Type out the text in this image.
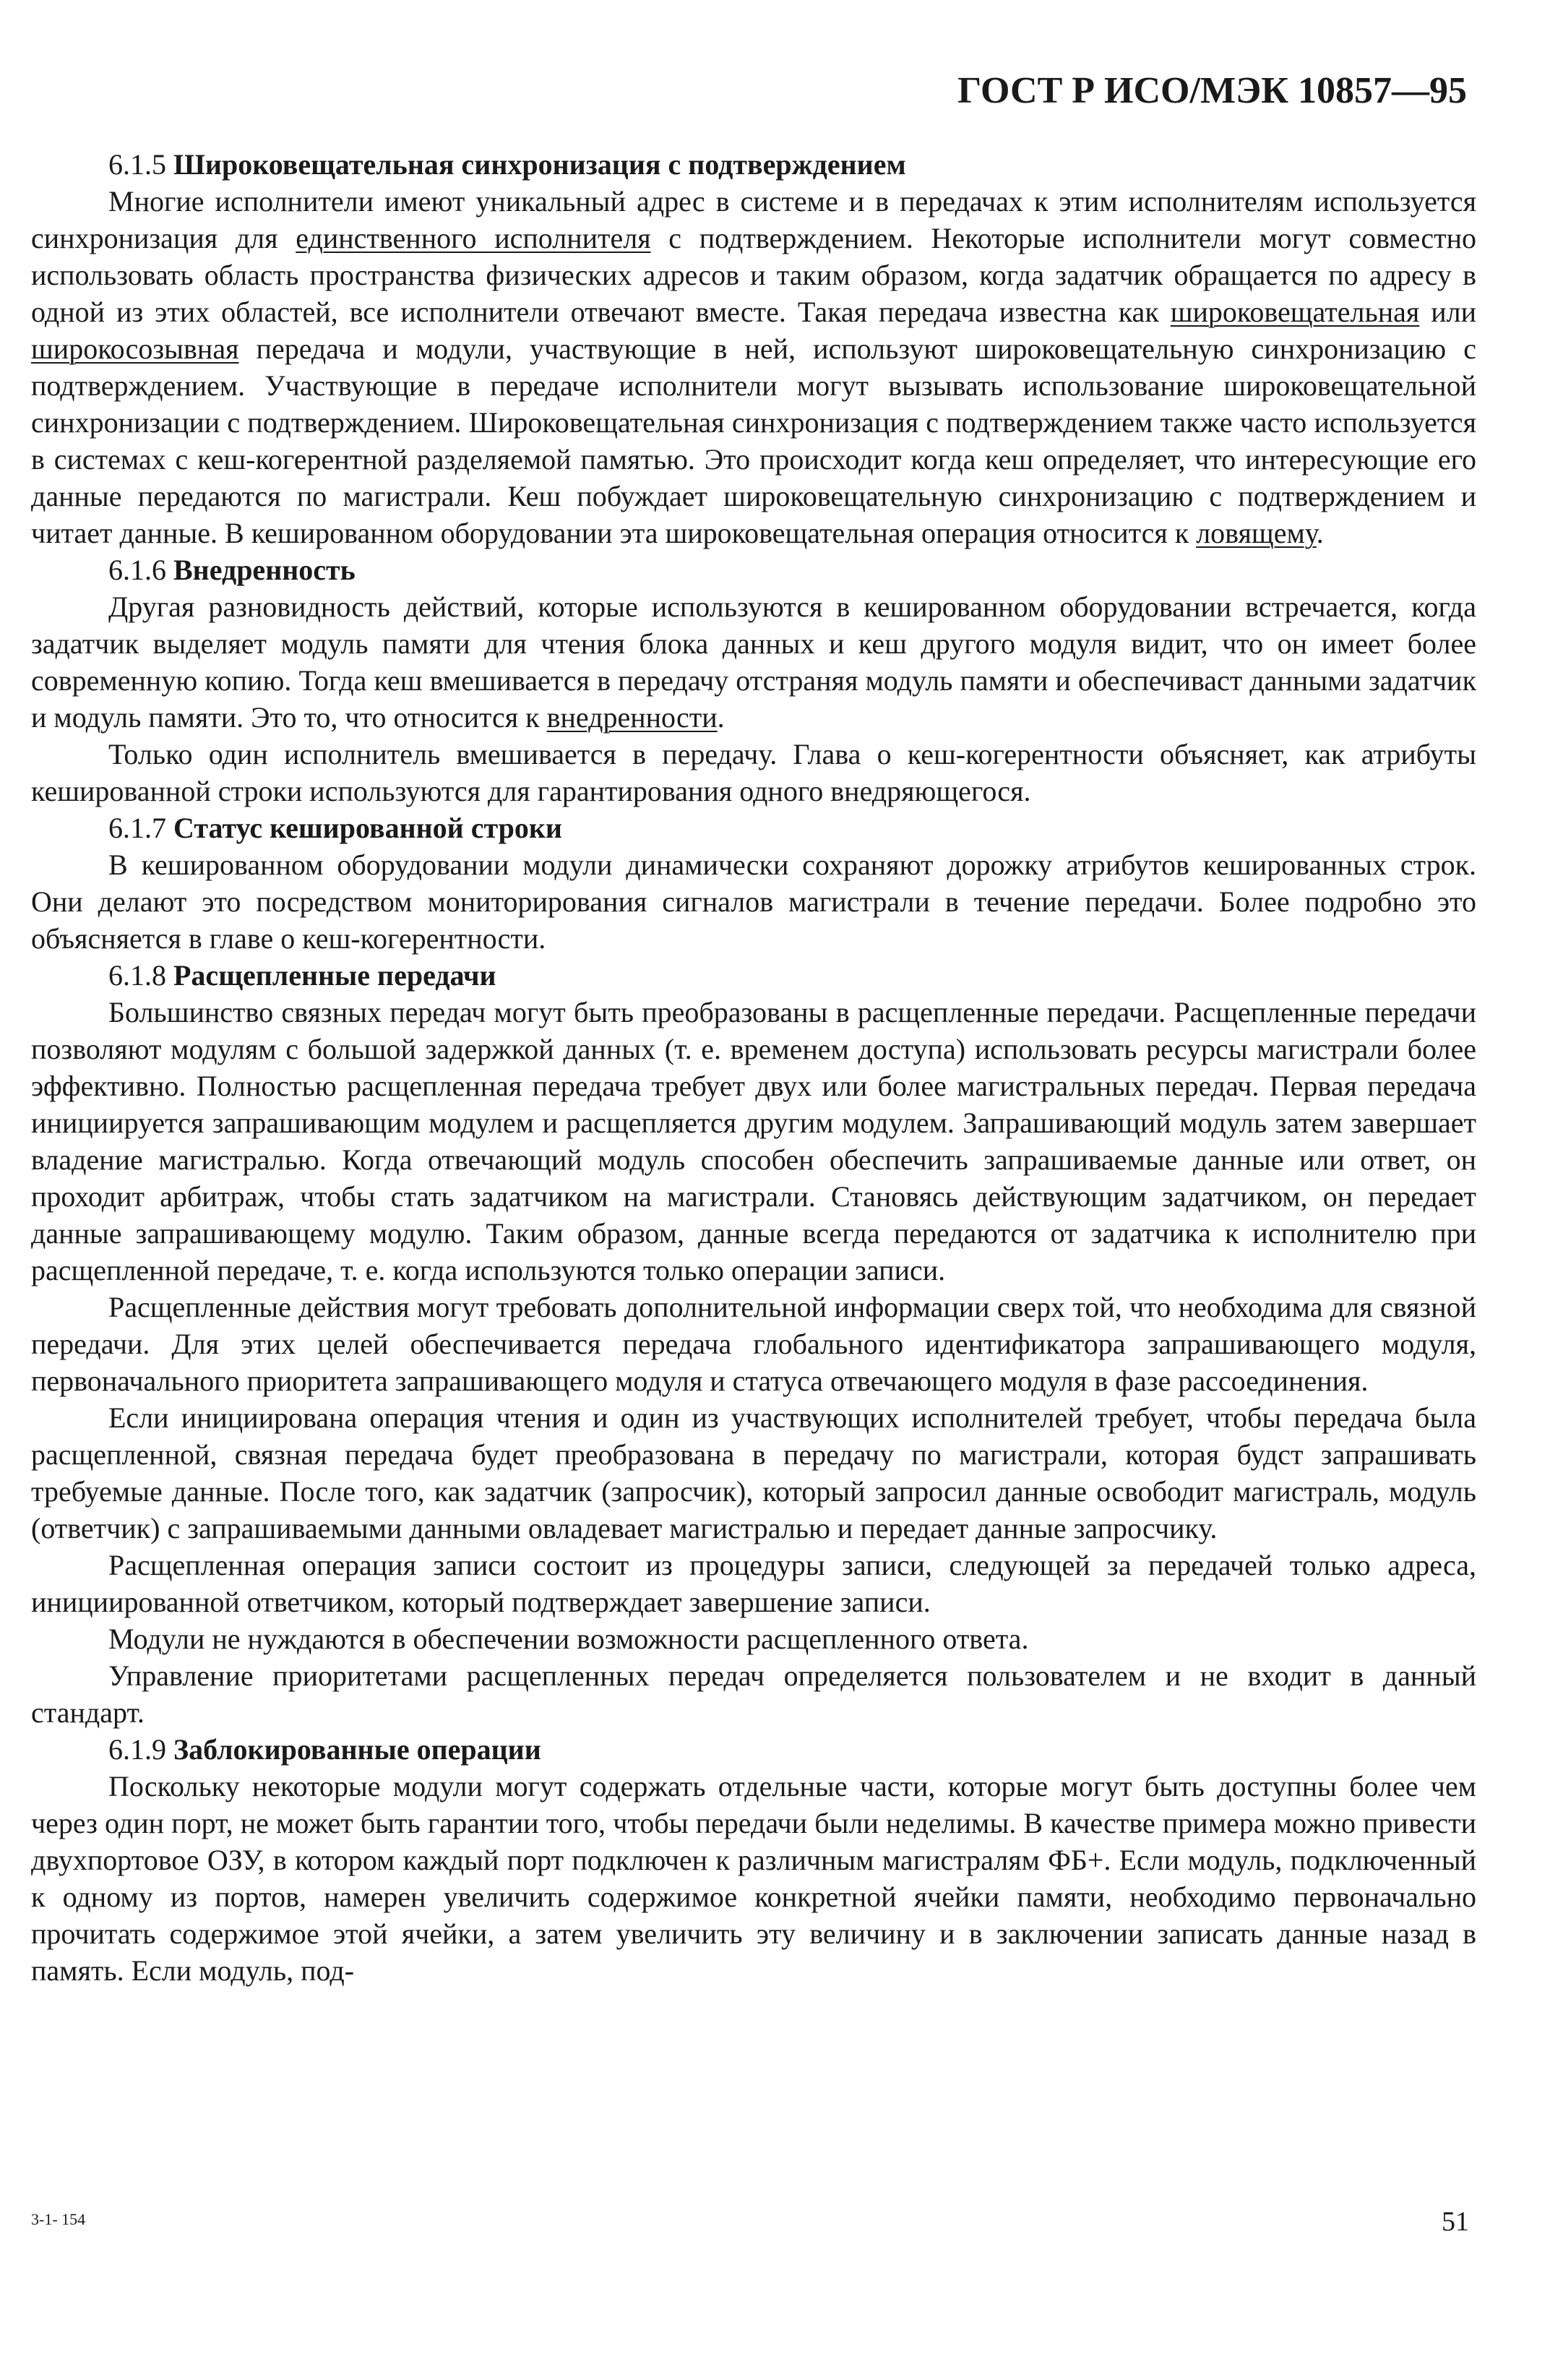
ГОСТ Р ИСО/МЭК 10857—95

6.1.5 Широковещательная синхронизация с подтверждением

Многие исполнители имеют уникальный адрес в системе и в передачах к этим исполнителям используется синхронизация для единственного исполнителя с подтверждением. Некоторые исполнители могут совместно использовать область пространства физических адресов и таким образом, когда задатчик обращается по адресу в одной из этих областей, все исполнители отвечают вместе. Такая передача известна как широковещательная или широкосозывная передача и модули, участвующие в ней, используют широковещательную синхронизацию с подтверждением. Участвующие в передаче исполнители могут вызывать использование широковещательной синхронизации с подтверждением. Широковещательная синхронизация с подтверждением также часто используется в системах с кеш-когерентной разделяемой памятью. Это происходит когда кеш определяет, что интересующие его данные передаются по магистрали. Кеш побуждает широковещательную синхронизацию с подтверждением и читает данные. В кешированном оборудовании эта широковещательная операция относится к ловящему.

6.1.6 Внедренность

Другая разновидность действий, которые используются в кешированном оборудовании встречается, когда задатчик выделяет модуль памяти для чтения блока данных и кеш другого модуля видит, что он имеет более современную копию. Тогда кеш вмешивается в передачу отстраняя модуль памяти и обеспечиваст данными задатчик и модуль памяти. Это то, что относится к внедренности.

Только один исполнитель вмешивается в передачу. Глава о кеш-когерентности объясняет, как атрибуты кешированной строки используются для гарантирования одного внедряющегося.

6.1.7 Статус кешированной строки

В кешированном оборудовании модули динамически сохраняют дорожку атрибутов кешированных строк. Они делают это посредством мониторирования сигналов магистрали в течение передачи. Более подробно это объясняется в главе о кеш-когерентности.

6.1.8 Расщепленные передачи

Большинство связных передач могут быть преобразованы в расщепленные передачи. Расщепленные передачи позволяют модулям с большой задержкой данных (т. е. временем доступа) использовать ресурсы магистрали более эффективно. Полностью расщепленная передача требует двух или более магистральных передач. Первая передача инициируется запрашивающим модулем и расщепляется другим модулем. Запрашивающий модуль затем завершает владение магистралью. Когда отвечающий модуль способен обеспечить запрашиваемые данные или ответ, он проходит арбитраж, чтобы стать задатчиком на магистрали. Становясь действующим задатчиком, он передает данные запрашивающему модулю. Таким образом, данные всегда передаются от задатчика к исполнителю при расщепленной передаче, т. е. когда используются только операции записи.

Расщепленные действия могут требовать дополнительной информации сверх той, что необходима для связной передачи. Для этих целей обеспечивается передача глобального идентификатора запрашивающего модуля, первоначального приоритета запрашивающего модуля и статуса отвечающего модуля в фазе рассоединения.

Если инициирована операция чтения и один из участвующих исполнителей требует, чтобы передача была расщепленной, связная передача будет преобразована в передачу по магистрали, которая будст запрашивать требуемые данные. После того, как задатчик (запросчик), который запросил данные освободит магистраль, модуль (ответчик) с запрашиваемыми данными овладевает магистралью и передает данные запросчику.

Расщепленная операция записи состоит из процедуры записи, следующей за передачей только адреса, инициированной ответчиком, который подтверждает завершение записи.

Модули не нуждаются в обеспечении возможности расщепленного ответа.

Управление приоритетами расщепленных передач определяется пользователем и не входит в данный стандарт.

6.1.9 Заблокированные операции

Поскольку некоторые модули могут содержать отдельные части, которые могут быть доступны более чем через один порт, не может быть гарантии того, чтобы передачи были неделимы. В качестве примера можно привести двухпортовое ОЗУ, в котором каждый порт подключен к различным магистралям ФБ+. Если модуль, подключенный к одному из портов, намерен увеличить содержимое конкретной ячейки памяти, необходимо первоначально прочитать содержимое этой ячейки, а затем увеличить эту величину и в заключении записать данные назад в память. Если модуль, под-

3-1- 154	51
